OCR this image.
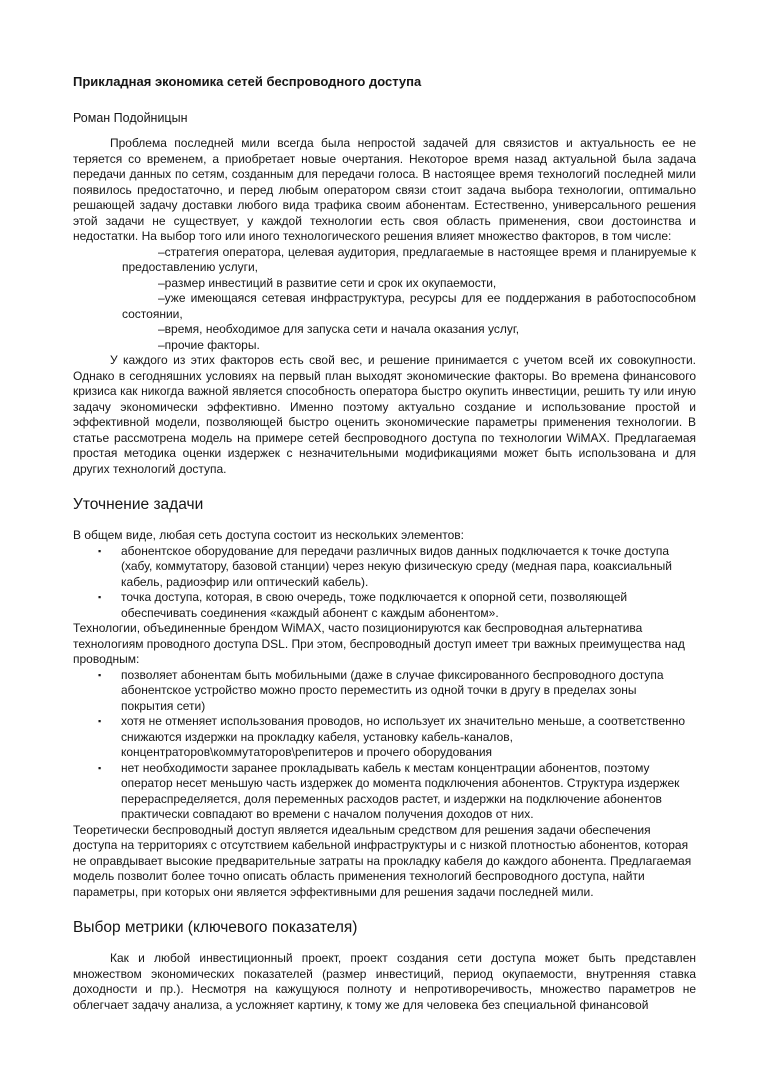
Прикладная экономика сетей беспроводного доступа
Роман Подойницын

Проблема последней мили всегда была непростой задачей для связистов и актуальность ее не теряется со временем, а приобретает новые очертания. Некоторое время назад актуальной была задача передачи данных по сетям, созданным для передачи голоса. В настоящее время технологий последней мили появилось предостаточно, и перед любым оператором связи стоит задача выбора технологии, оптимально решающей задачу доставки любого вида трафика своим абонентам. Естественно, универсального решения этой задачи не существует, у каждой технологии есть своя область применения, свои достоинства и недостатки. На выбор того или иного технологического решения влияет множество факторов, в том числе:

–стратегия оператора, целевая аудитория, предлагаемые в настоящее время и планируемые к предоставлению услуги,
–размер инвестиций в развитие сети и срок их окупаемости,
–уже имеющаяся сетевая инфраструктура, ресурсы для ее поддержания в работоспособном состоянии,
–время, необходимое для запуска сети и начала оказания услуг,
–прочие факторы.

У каждого из этих факторов есть свой вес, и решение принимается с учетом всей их совокупности. Однако в сегодняшних условиях на первый план выходят экономические факторы. Во времена финансового кризиса как никогда важной является способность оператора быстро окупить инвестиции, решить ту или иную задачу экономически эффективно. Именно поэтому актуально создание и использование простой и эффективной модели, позволяющей быстро оценить экономические параметры применения технологии. В статье рассмотрена модель на примере сетей беспроводного доступа по технологии WiMAX. Предлагаемая простая методика оценки издержек с незначительными модификациями может быть использована и для других технологий доступа.

Уточнение задачи

В общем виде, любая сеть доступа состоит из нескольких элементов:

▪ абонентское оборудование для передачи различных видов данных подключается к точке доступа (хабу, коммутатору, базовой станции) через некую физическую среду (медная пара, коаксиальный кабель, радиоэфир или оптический кабель).
▪ точка доступа, которая, в свою очередь, тоже подключается к опорной сети, позволяющей обеспечивать соединения «каждый абонент с каждым абонентом».

Технологии, объединенные брендом WiMAX, часто позиционируются как беспроводная альтернатива технологиям проводного доступа DSL. При этом, беспроводный доступ имеет три важных преимущества над проводным:

▪ позволяет абонентам быть мобильными (даже в случае фиксированного беспроводного доступа абонентское устройство можно просто переместить из одной точки в другу в пределах зоны покрытия сети)
▪ хотя не отменяет использования проводов, но использует их значительно меньше, а соответственно снижаются издержки на прокладку кабеля, установку кабель-каналов, концентраторов\коммутаторов\репитеров и прочего оборудования
▪ нет необходимости заранее прокладывать кабель к местам концентрации абонентов, поэтому оператор несет меньшую часть издержек до момента подключения абонентов. Структура издержек перераспределяется, доля переменных расходов растет, и издержки на подключение абонентов практически совпадают во времени с началом получения доходов от них.

Теоретически беспроводный доступ является идеальным средством для решения задачи обеспечения доступа на территориях с отсутствием кабельной инфраструктуры и с низкой плотностью абонентов, которая не оправдывает высокие предварительные затраты на прокладку кабеля до каждого абонента. Предлагаемая модель позволит более точно описать область применения технологий беспроводного доступа, найти параметры, при которых они является эффективными для решения задачи последней мили.

Выбор метрики (ключевого показателя)

Как и любой инвестиционный проект, проект создания сети доступа может быть представлен множеством экономических показателей (размер инвестиций, период окупаемости, внутренняя ставка доходности и пр.). Несмотря на кажущуюся полноту и непротиворечивость, множество параметров не облегчает задачу анализа, а усложняет картину, к тому же для человека без специальной финансовой
